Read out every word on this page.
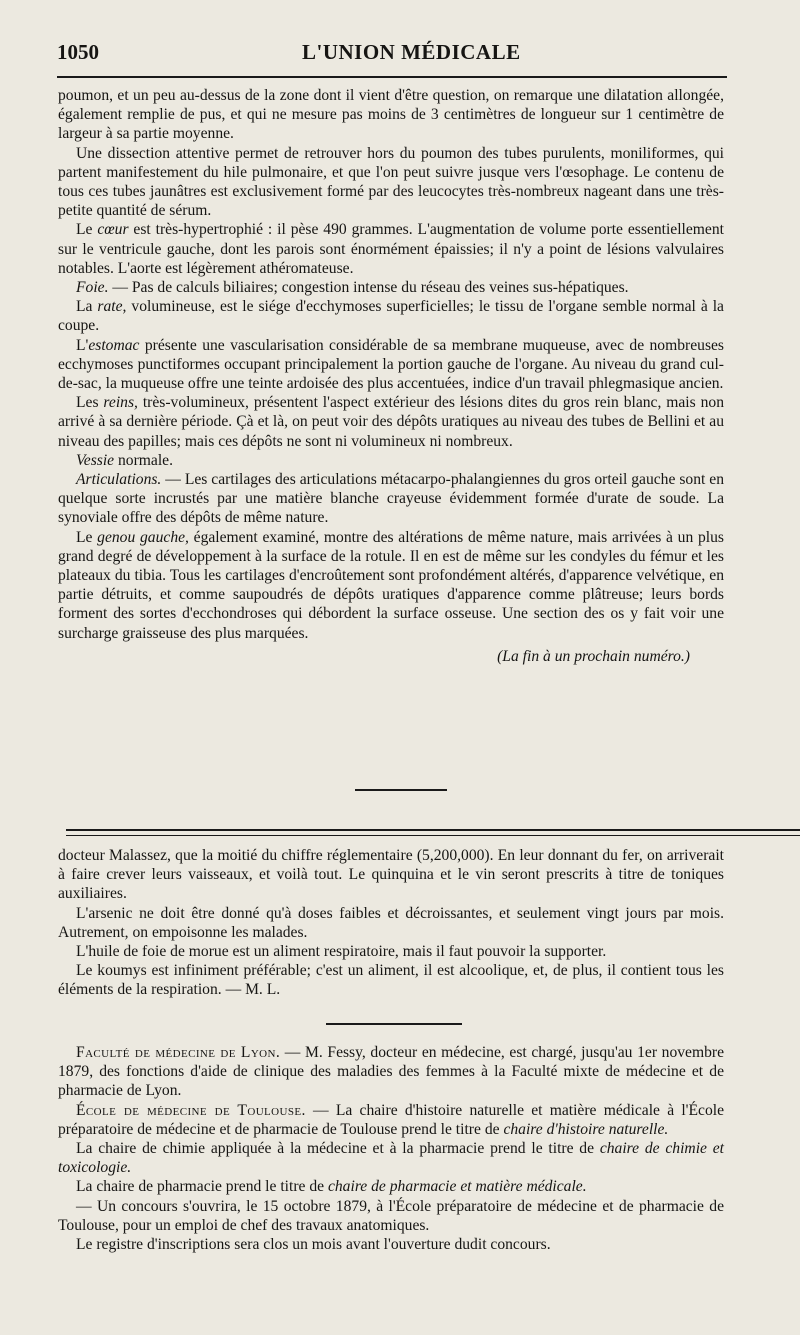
1050	L'UNION MÉDICALE

poumon, et un peu au-dessus de la zone dont il vient d'être question, on remarque une dilatation allongée, également remplie de pus, et qui ne mesure pas moins de 3 centimètres de longueur sur 1 centimètre de largeur à sa partie moyenne.

Une dissection attentive permet de retrouver hors du poumon des tubes purulents, moniliformes, qui partent manifestement du hile pulmonaire, et que l'on peut suivre jusque vers l'œsophage. Le contenu de tous ces tubes jaunâtres est exclusivement formé par des leucocytes très-nombreux nageant dans une très-petite quantité de sérum.

Le cœur est très-hypertrophié : il pèse 490 grammes. L'augmentation de volume porte essentiellement sur le ventricule gauche, dont les parois sont énormément épaissies; il n'y a point de lésions valvulaires notables. L'aorte est légèrement athéromateuse.

Foie. — Pas de calculs biliaires; congestion intense du réseau des veines sus-hépatiques.

La rate, volumineuse, est le siége d'ecchymoses superficielles; le tissu de l'organe semble normal à la coupe.

L'estomac présente une vascularisation considérable de sa membrane muqueuse, avec de nombreuses ecchymoses punctiformes occupant principalement la portion gauche de l'organe. Au niveau du grand cul-de-sac, la muqueuse offre une teinte ardoisée des plus accentuées, indice d'un travail phlegmasique ancien.

Les reins, très-volumineux, présentent l'aspect extérieur des lésions dites du gros rein blanc, mais non arrivé à sa dernière période. Çà et là, on peut voir des dépôts uratiques au niveau des tubes de Bellini et au niveau des papilles; mais ces dépôts ne sont ni volumineux ni nombreux.

Vessie normale.

Articulations. — Les cartilages des articulations métacarpo-phalangiennes du gros orteil gauche sont en quelque sorte incrustés par une matière blanche crayeuse évidemment formée d'urate de soude. La synoviale offre des dépôts de même nature.

Le genou gauche, également examiné, montre des altérations de même nature, mais arrivées à un plus grand degré de développement à la surface de la rotule. Il en est de même sur les condyles du fémur et les plateaux du tibia. Tous les cartilages d'encroûtement sont profondément altérés, d'apparence velvétique, en partie détruits, et comme saupoudrés de dépôts uratiques d'apparence comme plâtreuse; leurs bords forment des sortes d'ecchondroses qui débordent la surface osseuse. Une section des os y fait voir une surcharge graisseuse des plus marquées.

(La fin à un prochain numéro.)

docteur Malassez, que la moitié du chiffre réglementaire (5,200,000). En leur donnant du fer, on arriverait à faire crever leurs vaisseaux, et voilà tout. Le quinquina et le vin seront prescrits à titre de toniques auxiliaires.

L'arsenic ne doit être donné qu'à doses faibles et décroissantes, et seulement vingt jours par mois. Autrement, on empoisonne les malades.

L'huile de foie de morue est un aliment respiratoire, mais il faut pouvoir la supporter.

Le koumys est infiniment préférable; c'est un aliment, il est alcoolique, et, de plus, il contient tous les éléments de la respiration. — M. L.

Faculté de médecine de Lyon. — M. Fessy, docteur en médecine, est chargé, jusqu'au 1er novembre 1879, des fonctions d'aide de clinique des maladies des femmes à la Faculté mixte de médecine et de pharmacie de Lyon.

École de médecine de Toulouse. — La chaire d'histoire naturelle et matière médicale à l'École préparatoire de médecine et de pharmacie de Toulouse prend le titre de chaire d'histoire naturelle.

La chaire de chimie appliquée à la médecine et à la pharmacie prend le titre de chaire de chimie et toxicologie.

La chaire de pharmacie prend le titre de chaire de pharmacie et matière médicale.

— Un concours s'ouvrira, le 15 octobre 1879, à l'École préparatoire de médecine et de pharmacie de Toulouse, pour un emploi de chef des travaux anatomiques.

Le registre d'inscriptions sera clos un mois avant l'ouverture dudit concours.
